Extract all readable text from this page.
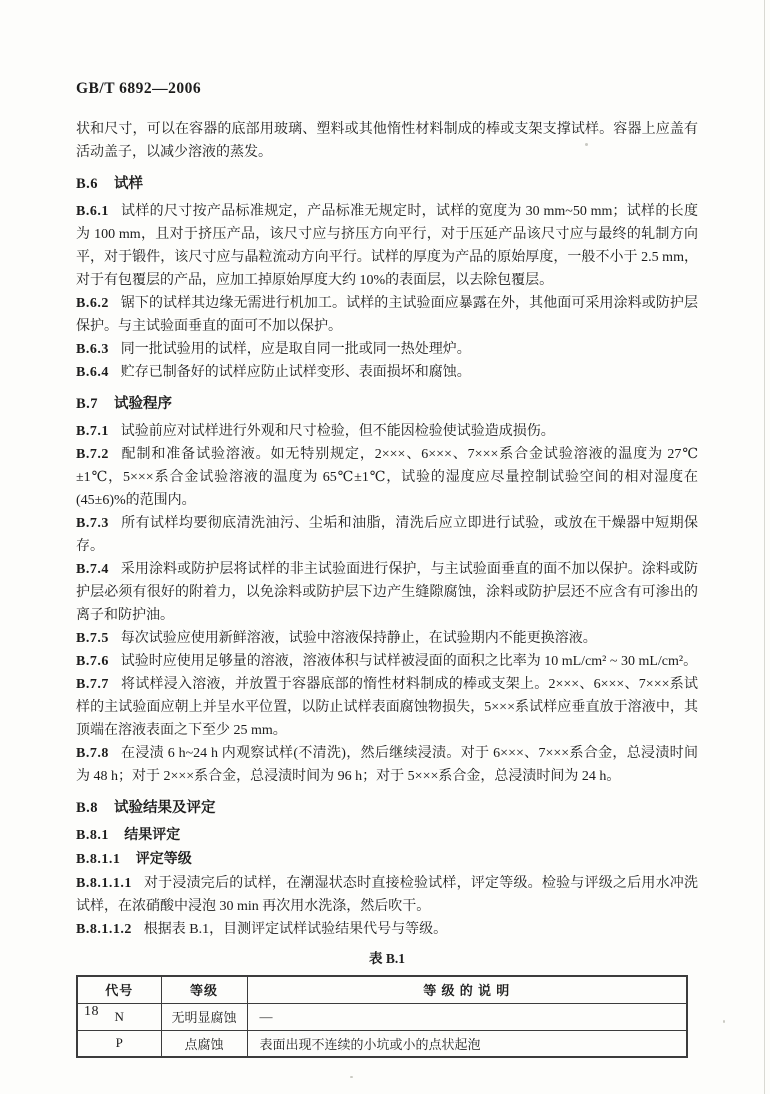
GB/T 6892—2006

状和尺寸，可以在容器的底部用玻璃、塑料或其他惰性材料制成的棒或支架支撑试样。容器上应盖有活动盖子，以减少溶液的蒸发。

B.6 试样

B.6.1 试样的尺寸按产品标准规定，产品标准无规定时，试样的宽度为 30 mm~50 mm；试样的长度为 100 mm，且对于挤压产品，该尺寸应与挤压方向平行，对于压延产品该尺寸应与最终的轧制方向平，对于锻件，该尺寸应与晶粒流动方向平行。试样的厚度为产品的原始厚度，一般不小于 2.5 mm，对于有包覆层的产品，应加工掉原始厚度大约 10%的表面层，以去除包覆层。

B.6.2 锯下的试样其边缘无需进行机加工。试样的主试验面应暴露在外，其他面可采用涂料或防护层保护。与主试验面垂直的面可不加以保护。

B.6.3 同一批试验用的试样，应是取自同一批或同一热处理炉。

B.6.4 贮存已制备好的试样应防止试样变形、表面损坏和腐蚀。

B.7 试验程序

B.7.1 试验前应对试样进行外观和尺寸检验，但不能因检验使试验造成损伤。

B.7.2 配制和准备试验溶液。如无特别规定，2×××、6×××、7×××系合金试验溶液的温度为 27℃±1℃，5×××系合金试验溶液的温度为 65℃±1℃，试验的湿度应尽量控制试验空间的相对湿度在(45±6)%的范围内。

B.7.3 所有试样均要彻底清洗油污、尘垢和油脂，清洗后应立即进行试验，或放在干燥器中短期保存。

B.7.4 采用涂料或防护层将试样的非主试验面进行保护，与主试验面垂直的面不加以保护。涂料或防护层必须有很好的附着力，以免涂料或防护层下边产生缝隙腐蚀，涂料或防护层还不应含有可渗出的离子和防护油。

B.7.5 每次试验应使用新鲜溶液，试验中溶液保持静止，在试验期内不能更换溶液。

B.7.6 试验时应使用足够量的溶液，溶液体积与试样被浸面的面积之比率为 10 mL/cm² ~ 30 mL/cm²。

B.7.7 将试样浸入溶液，并放置于容器底部的惰性材料制成的棒或支架上。2×××、6×××、7×××系试样的主试验面应朝上并呈水平位置，以防止试样表面腐蚀物损失，5×××系试样应垂直放于溶液中，其顶端在溶液表面之下至少 25 mm。

B.7.8 在浸渍 6 h~24 h 内观察试样(不清洗)，然后继续浸渍。对于 6×××、7×××系合金，总浸渍时间为 48 h；对于 2×××系合金，总浸渍时间为 96 h；对于 5×××系合金，总浸渍时间为 24 h。

B.8 试验结果及评定
B.8.1 结果评定
B.8.1.1 评定等级

B.8.1.1.1 对于浸渍完后的试样，在潮湿状态时直接检验试样，评定等级。检验与评级之后用水冲洗试样，在浓硝酸中浸泡 30 min 再次用水洗涤，然后吹干。

B.8.1.1.2 根据表 B.1，目测评定试样试验结果代号与等级。

表 B.1
代号	等级	等 级 的 说 明
N	无明显腐蚀	—
P	点腐蚀	表面出现不连续的小坑或小的点状起泡
18
